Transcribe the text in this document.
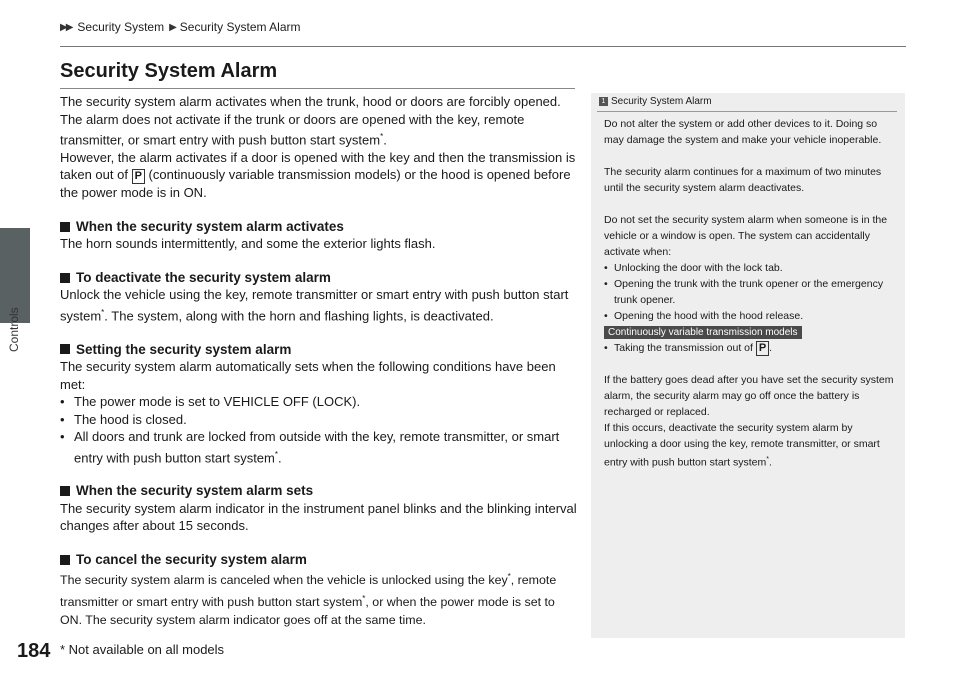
Controls
▶▶ Security System ▶ Security System Alarm
Security System Alarm

The security system alarm activates when the trunk, hood or doors are forcibly opened. The alarm does not activate if the trunk or doors are opened with the key, remote transmitter, or smart entry with push button start system*.

However, the alarm activates if a door is opened with the key and then the transmission is taken out of P (continuously variable transmission models) or the hood is opened before the power mode is in ON.

When the security system alarm activates

The horn sounds intermittently, and some the exterior lights flash.

To deactivate the security system alarm

Unlock the vehicle using the key, remote transmitter or smart entry with push button start system*. The system, along with the horn and flashing lights, is deactivated.

Setting the security system alarm

The security system alarm automatically sets when the following conditions have been met:

• The power mode is set to VEHICLE OFF (LOCK).
• The hood is closed.
• All doors and trunk are locked from outside with the key, remote transmitter, or smart entry with push button start system*.
When the security system alarm sets

The security system alarm indicator in the instrument panel blinks and the blinking interval changes after about 15 seconds.

To cancel the security system alarm

The security system alarm is canceled when the vehicle is unlocked using the key*, remote transmitter or smart entry with push button start system*, or when the power mode is set to ON. The security system alarm indicator goes off at the same time.

1 Security System Alarm

Do not alter the system or add other devices to it. Doing so may damage the system and make your vehicle inoperable.

The security alarm continues for a maximum of two minutes until the security system alarm deactivates.

Do not set the security system alarm when someone is in the vehicle or a window is open. The system can accidentally activate when:

• Unlocking the door with the lock tab.
• Opening the trunk with the trunk opener or the emergency trunk opener.
• Opening the hood with the hood release.
Continuously variable transmission models
• Taking the transmission out of P .

If the battery goes dead after you have set the security system alarm, the security alarm may go off once the battery is recharged or replaced.

If this occurs, deactivate the security system alarm by unlocking a door using the key, remote transmitter, or smart entry with push button start system*.

184 * Not available on all models
